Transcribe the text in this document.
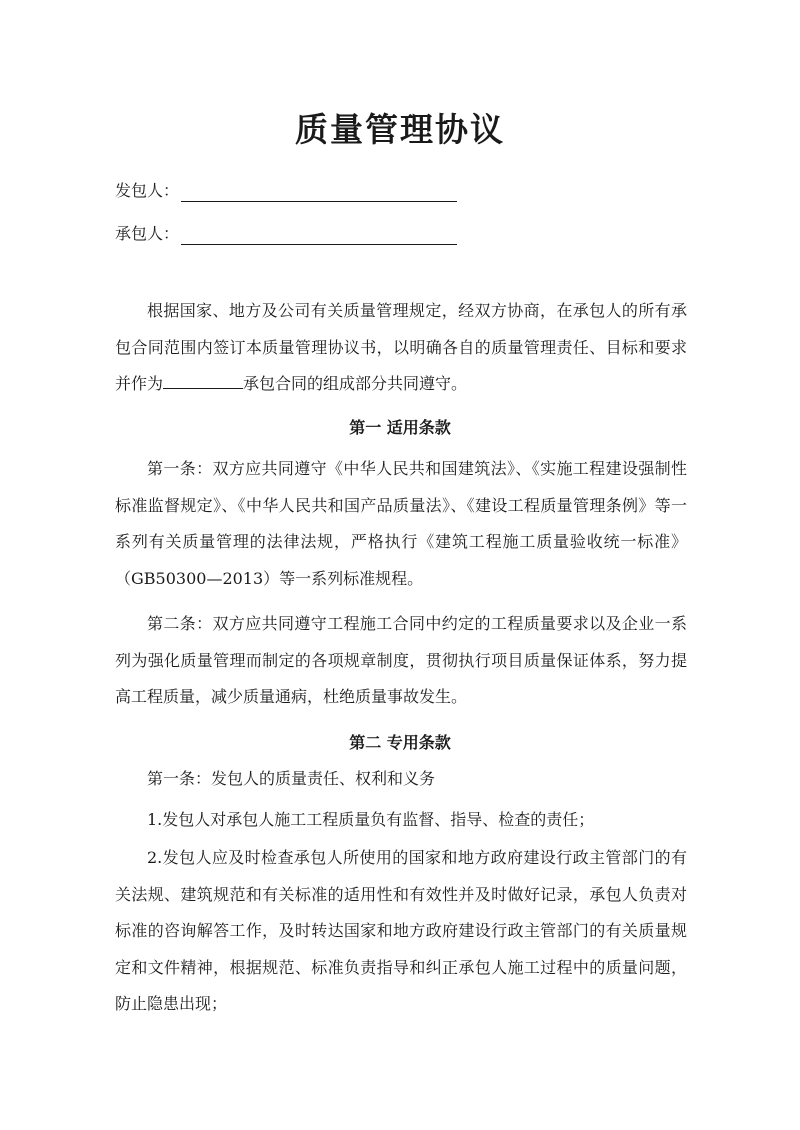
质量管理协议
发包人：
承包人：

根据国家、地方及公司有关质量管理规定，经双方协商，在承包人的所有承包合同范围内签订本质量管理协议书，以明确各自的质量管理责任、目标和要求并作为	承包合同的组成部分共同遵守。

第一 适用条款

第一条：双方应共同遵守《中华人民共和国建筑法》、《实施工程建设强制性标准监督规定》、《中华人民共和国产品质量法》、《建设工程质量管理条例》等一系列有关质量管理的法律法规，严格执行《建筑工程施工质量验收统一标准》（GB50300—2013）等一系列标准规程。

第二条：双方应共同遵守工程施工合同中约定的工程质量要求以及企业一系列为强化质量管理而制定的各项规章制度，贯彻执行项目质量保证体系，努力提高工程质量，减少质量通病，杜绝质量事故发生。

第二 专用条款
第一条：发包人的质量责任、权利和义务
1.发包人对承包人施工工程质量负有监督、指导、检查的责任；

2.发包人应及时检查承包人所使用的国家和地方政府建设行政主管部门的有关法规、建筑规范和有关标准的适用性和有效性并及时做好记录，承包人负责对标准的咨询解答工作，及时转达国家和地方政府建设行政主管部门的有关质量规定和文件精神，根据规范、标准负责指导和纠正承包人施工过程中的质量问题，防止隐患出现；
